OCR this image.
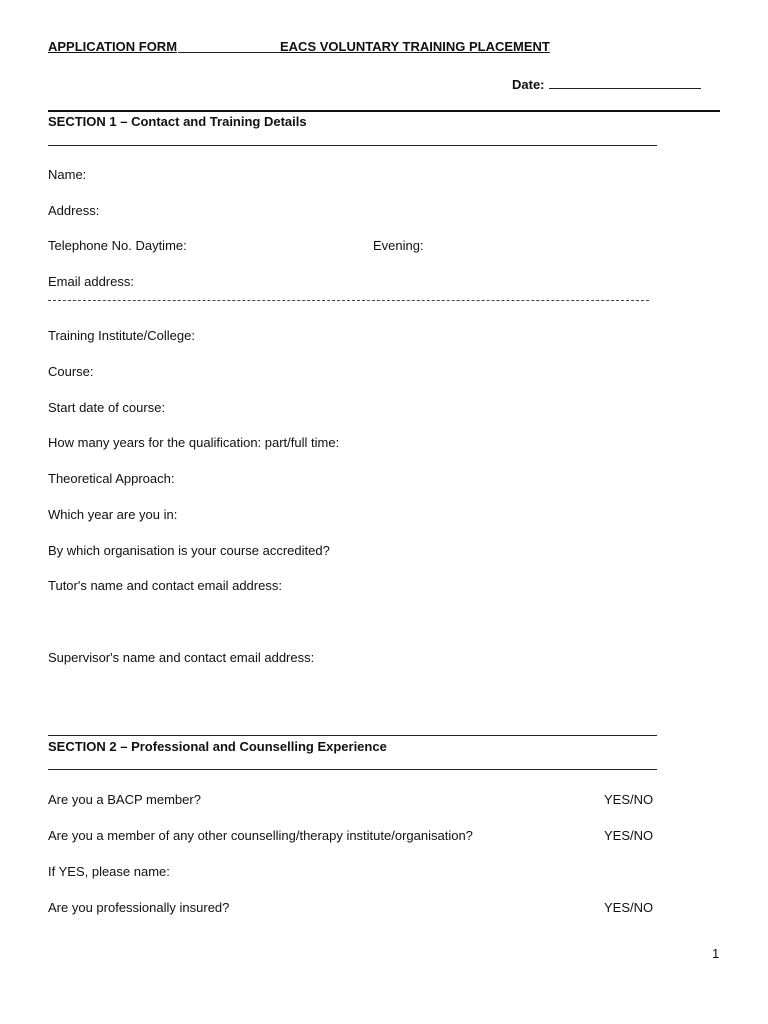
APPLICATION FORM	EACS VOLUNTARY TRAINING PLACEMENT
Date:
SECTION 1 – Contact and Training Details
Name:
Address:
Telephone No. Daytime:	Evening:
Email address:
Training Institute/College:
Course:
Start date of course:
How many years for the qualification: part/full time:
Theoretical Approach:
Which year are you in:
By which organisation is your course accredited?
Tutor's name and contact email address:
Supervisor's name and contact email address:
SECTION 2 – Professional and Counselling Experience
Are you a BACP member?	YES/NO
Are you a member of any other counselling/therapy institute/organisation?	YES/NO
If YES, please name:
Are you professionally insured?	YES/NO
1
